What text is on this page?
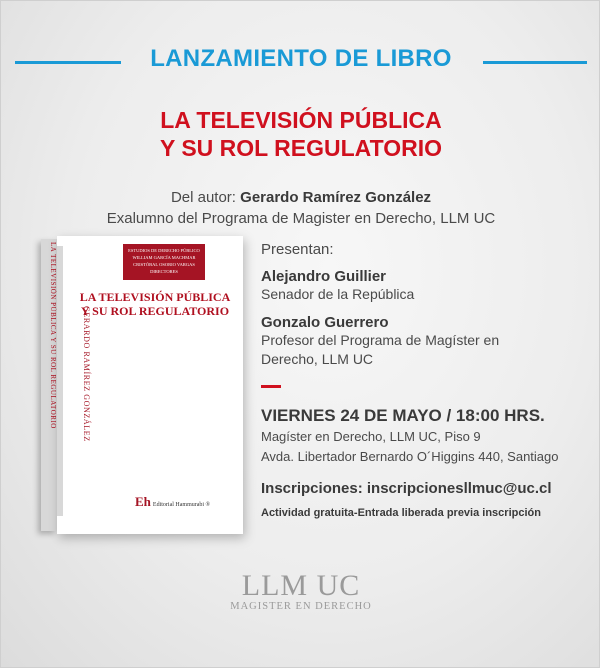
LANZAMIENTO DE LIBRO
LA TELEVISIÓN PÚBLICA
Y SU ROL REGULATORIO
Del autor: Gerardo Ramírez González
Exalumno del Programa de Magister en Derecho, LLM UC
LA TELEVISIÓN PÚBLICA Y SU ROL REGULATORIO	ESTUDIOS DE DERECHO PÚBLICO WILLIAM GARCÍA MACHMAR CRISTÓBAL OSORIO VARGAS DIRECTORES
LA TELEVISIÓN PÚBLICA
Y SU ROL REGULATORIO
GERARDO RAMÍREZ GONZÁLEZ
Eh Editorial Hammurabi ®
Presentan:
Alejandro Guillier
Senador de la República
Gonzalo Guerrero
Profesor del Programa de Magíster en
Derecho, LLM UC
VIERNES 24 DE MAYO / 18:00 HRS.
Magíster en Derecho, LLM UC, Piso 9
Avda. Libertador Bernardo O´Higgins 440, Santiago
Inscripciones: inscripcionesllmuc@uc.cl
Actividad gratuita-Entrada liberada previa inscripción
LLM UC
MAGISTER EN DERECHO
